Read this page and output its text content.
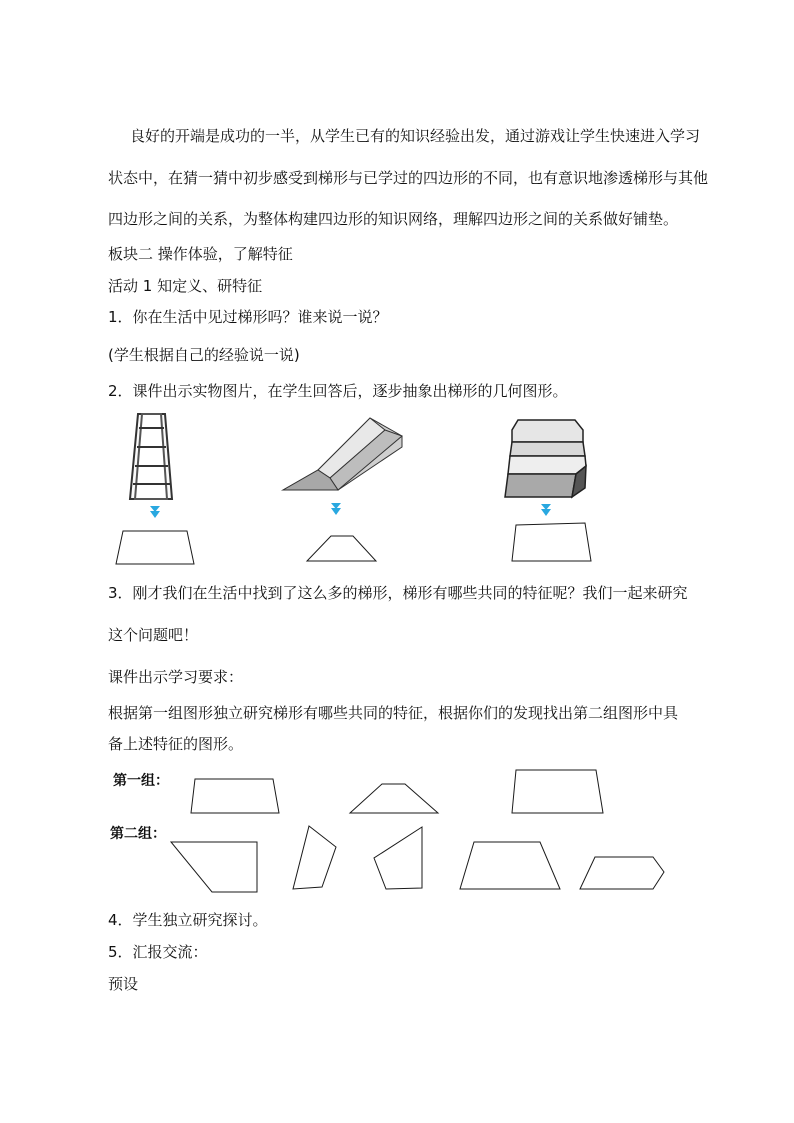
良好的开端是成功的一半，从学生已有的知识经验出发，通过游戏让学生快速进入学习
状态中，在猜一猜中初步感受到梯形与已学过的四边形的不同，也有意识地渗透梯形与其他
四边形之间的关系，为整体构建四边形的知识网络，理解四边形之间的关系做好铺垫。
板块二 操作体验，了解特征
活动 1 知定义、研特征
1．你在生活中见过梯形吗？谁来说一说？
(学生根据自己的经验说一说)
2．课件出示实物图片，在学生回答后，逐步抽象出梯形的几何图形。
3．刚才我们在生活中找到了这么多的梯形，梯形有哪些共同的特征呢？我们一起来研究
这个问题吧！
课件出示学习要求：
根据第一组图形独立研究梯形有哪些共同的特征，根据你们的发现找出第二组图形中具
备上述特征的图形。
第一组：
第二组：
4．学生独立研究探讨。
5．汇报交流：
预设
